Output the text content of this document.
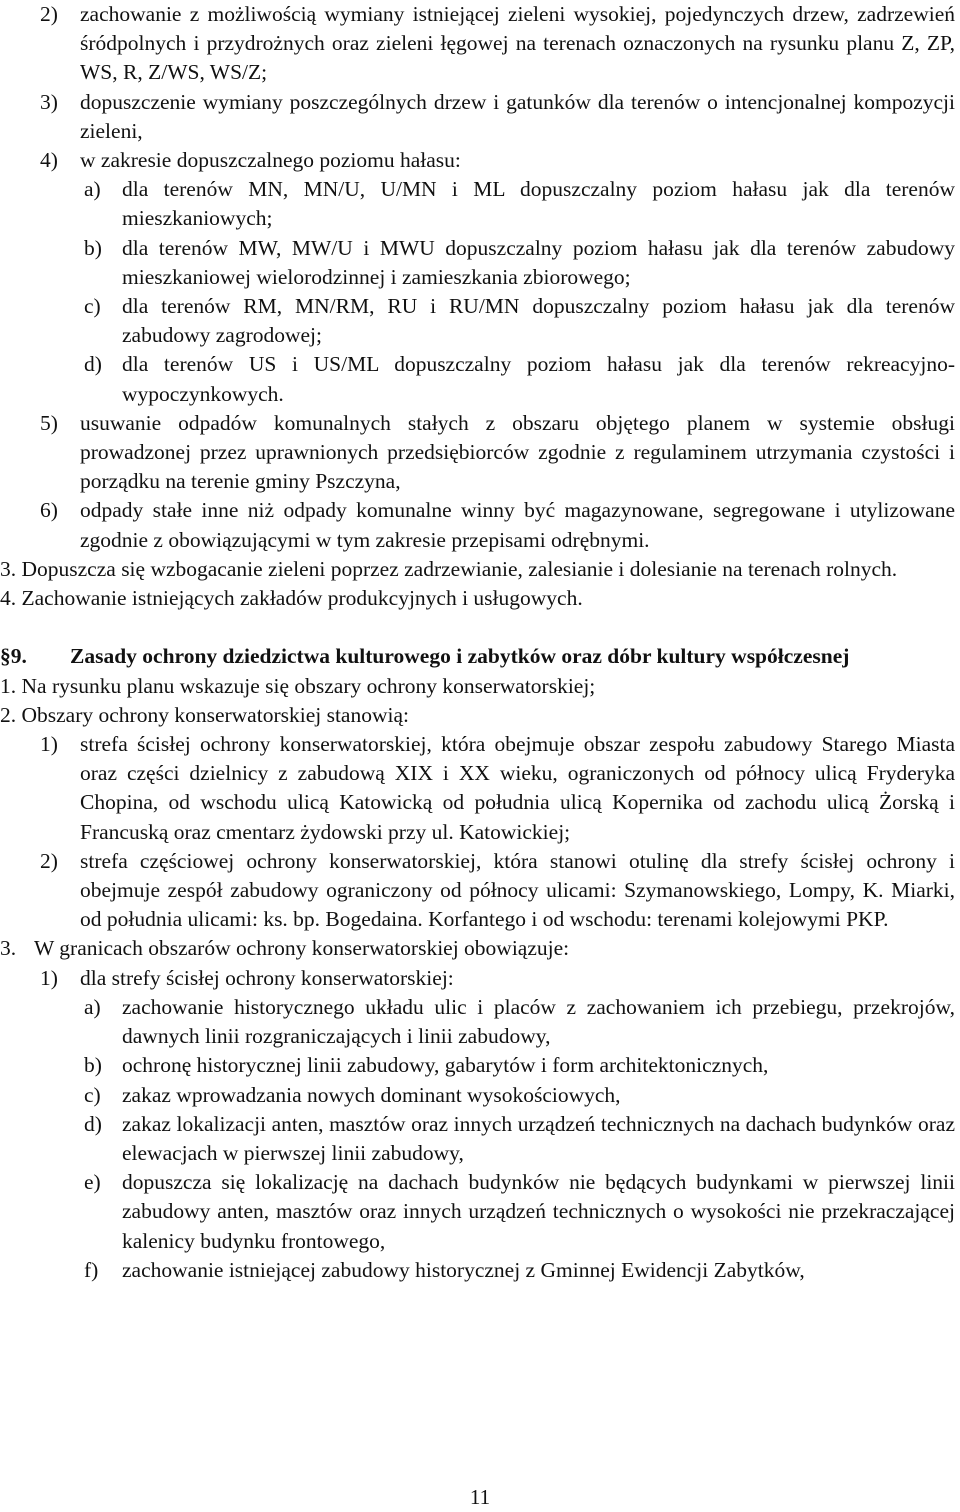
2)	zachowanie z możliwością wymiany istniejącej zieleni wysokiej, pojedynczych drzew, zadrzewień śródpolnych i przydrożnych oraz zieleni łęgowej na terenach oznaczonych na rysunku planu Z, ZP, WS, R, Z/WS, WS/Z;
3)	dopuszczenie wymiany poszczególnych drzew i gatunków dla terenów o intencjonalnej kompozycji zieleni,
4)	w zakresie dopuszczalnego poziomu hałasu:
a) dla terenów MN, MN/U, U/MN i ML dopuszczalny poziom hałasu jak dla terenów mieszkaniowych;
b) dla terenów MW, MW/U i MWU dopuszczalny poziom hałasu jak dla terenów zabudowy mieszkaniowej wielorodzinnej i zamieszkania zbiorowego;
c) dla terenów RM, MN/RM, RU i RU/MN dopuszczalny poziom hałasu jak dla terenów zabudowy zagrodowej;
d) dla terenów US i US/ML dopuszczalny poziom hałasu jak dla terenów rekreacyjno-wypoczynkowych.
5)	usuwanie odpadów komunalnych stałych z obszaru objętego planem w systemie obsługi prowadzonej przez uprawnionych przedsiębiorców zgodnie z regulaminem utrzymania czystości i porządku na terenie gminy Pszczyna,
6)	odpady stałe inne niż odpady komunalne winny być magazynowane, segregowane i utylizowane zgodnie z obowiązującymi w tym zakresie przepisami odrębnymi.
3. Dopuszcza się wzbogacanie zieleni poprzez zadrzewianie, zalesianie i dolesianie na terenach rolnych.
4. Zachowanie istniejących zakładów produkcyjnych i usługowych.
§9. Zasady ochrony dziedzictwa kulturowego i zabytków oraz dóbr kultury współczesnej
1. Na rysunku planu wskazuje się obszary ochrony konserwatorskiej;
2. Obszary ochrony konserwatorskiej stanowią:
1)	strefa ścisłej ochrony konserwatorskiej, która obejmuje obszar zespołu zabudowy Starego Miasta oraz części dzielnicy z zabudową XIX i XX wieku, ograniczonych od północy ulicą Fryderyka Chopina, od wschodu ulicą Katowicką od południa ulicą Kopernika od zachodu ulicą Żorską i Francuską oraz cmentarz żydowski przy ul. Katowickiej;
2)	strefa częściowej ochrony konserwatorskiej, która stanowi otulinę dla strefy ścisłej ochrony i obejmuje zespół zabudowy ograniczony od północy ulicami: Szymanowskiego, Lompy, K. Miarki, od południa ulicami: ks. bp. Bogedaina. Korfantego i od wschodu: terenami kolejowymi PKP.
3. W granicach obszarów ochrony konserwatorskiej obowiązuje:
1)	dla strefy ścisłej ochrony konserwatorskiej:
a) zachowanie historycznego układu ulic i placów z zachowaniem ich przebiegu, przekrojów, dawnych linii rozgraniczających i linii zabudowy,
b) ochronę historycznej linii zabudowy, gabarytów i form architektonicznych,
c) zakaz wprowadzania nowych dominant wysokościowych,
d) zakaz lokalizacji anten, masztów oraz innych urządzeń technicznych na dachach budynków oraz elewacjach w pierwszej linii zabudowy,
e) dopuszcza się lokalizację na dachach budynków nie będących budynkami w pierwszej linii zabudowy anten, masztów oraz innych urządzeń technicznych o wysokości nie przekraczającej kalenicy budynku frontowego,
f)	zachowanie istniejącej zabudowy historycznej z Gminnej Ewidencji Zabytków,
11
